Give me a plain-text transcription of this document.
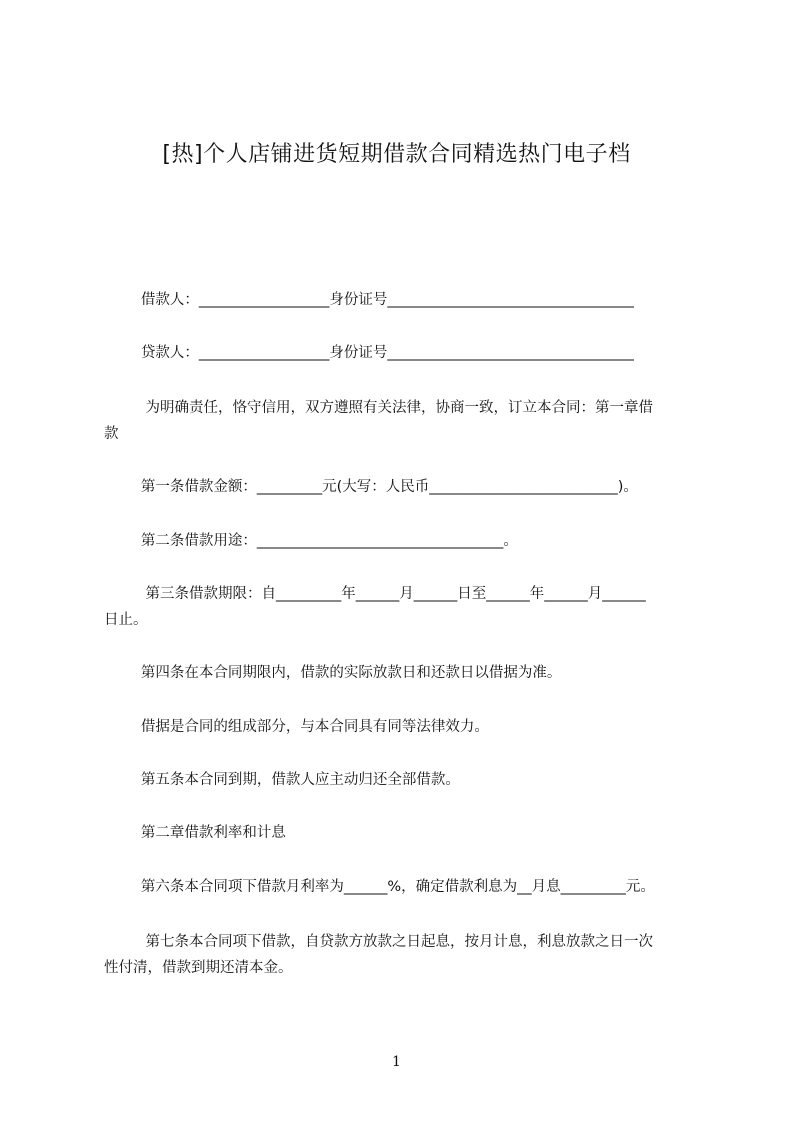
[热]个人店铺进货短期借款合同精选热门电子档
借款人：__________________身份证号__________________________________
贷款人：__________________身份证号__________________________________
为明确责任，恪守信用，双方遵照有关法律，协商一致，订立本合同：第一章借
款
第一条借款金额：_________元(大写：人民币__________________________)。
第二条借款用途：__________________________________。
第三条借款期限：自_________年______月______日至______年______月______
日止。
第四条在本合同期限内，借款的实际放款日和还款日以借据为准。
借据是合同的组成部分，与本合同具有同等法律效力。
第五条本合同到期，借款人应主动归还全部借款。
第二章借款利率和计息
第六条本合同项下借款月利率为______%，确定借款利息为__月息_________元。
第七条本合同项下借款，自贷款方放款之日起息，按月计息，利息放款之日一次
性付清，借款到期还清本金。
1
